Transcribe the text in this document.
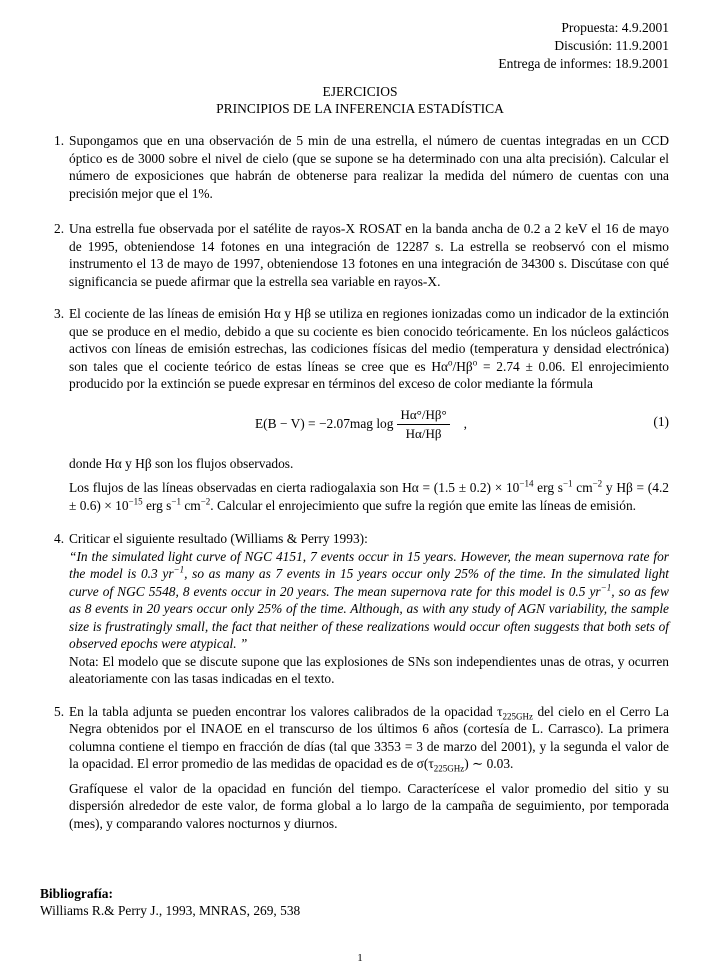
Propuesta: 4.9.2001
Discusión: 11.9.2001
Entrega de informes: 18.9.2001
EJERCICIOS
PRINCIPIOS DE LA INFERENCIA ESTADÍSTICA
1. Supongamos que en una observación de 5 min de una estrella, el número de cuentas integradas en un CCD óptico es de 3000 sobre el nivel de cielo (que se supone se ha determinado con una alta precisión). Calcular el número de exposiciones que habrán de obtenerse para realizar la medida del número de cuentas con una precisión mejor que el 1%.

2. Una estrella fue observada por el satélite de rayos-X ROSAT en la banda ancha de 0.2 a 2 keV el 16 de mayo de 1995, obteniendose 14 fotones en una integración de 12287 s. La estrella se reobservó con el mismo instrumento el 13 de mayo de 1997, obteniendose 13 fotones en una integración de 34300 s. Discútase con qué significancia se puede afirmar que la estrella sea variable en rayos-X.

3. El cociente de las líneas de emisión Hα y Hβ se utiliza en regiones ionizadas como un indicador de la extinción que se produce en el medio, debido a que su cociente es bien conocido teóricamente. En los núcleos galácticos activos con líneas de emisión estrechas, las codiciones físicas del medio (temperatura y densidad electrónica) son tales que el cociente teórico de estas líneas se cree que es $H\alpha^o/H\beta^o = 2.74 \pm 0.06$. El enrojecimiento producido por la extinción se puede expresar en términos del exceso de color mediante la fórmula

E(B − V) = −2.07mag $\log \frac{H\alpha^\circ/H\beta^\circ}{H\alpha/H\beta}$ ,	(1)

donde Hα y Hβ son los flujos observados.

Los flujos de las líneas observadas en cierta radiogalaxia son $H\alpha = (1.5 \pm 0.2) \times 10^{-14}$ erg $s^{-1}$ $cm^{-2}$ y $H\beta = (4.2 \pm 0.6) \times 10^{-15}$ erg $s^{-1}$ $cm^{-2}$. Calcular el enrojecimiento que sufre la región que emite las líneas de emisión.

4. Criticar el siguiente resultado (Williams & Perry 1993):

“In the simulated light curve of NGC 4151, 7 events occur in 15 years. However, the mean supernova rate for the model is 0.3 $yr^{-1}$, so as many as 7 events in 15 years occur only 25% of the time. In the simulated light curve of NGC 5548, 8 events occur in 20 years. The mean supernova rate for this model is 0.5 $yr^{-1}$, so as few as 8 events in 20 years occur only 25% of the time. Although, as with any study of AGN variability, the sample size is frustratingly small, the fact that neither of these realizations would occur often suggests that both sets of observed epochs were atypical. ”

Nota: El modelo que se discute supone que las explosiones de SNs son independientes unas de otras, y ocurren aleatoriamente con las tasas indicadas en el texto.

5. En la tabla adjunta se pueden encontrar los valores calibrados de la opacidad $\tau_{225GHz}$ del cielo en el Cerro La Negra obtenidos por el INAOE en el transcurso de los últimos 6 años (cortesía de L. Carrasco). La primera columna contiene el tiempo en fracción de días (tal que 3353 = 3 de marzo del 2001), y la segunda el valor de la opacidad. El error promedio de las medidas de opacidad es de $\sigma(\tau_{225GHz})$ ∼ 0.03.

Grafíquese el valor de la opacidad en función del tiempo. Caracterícese el valor promedio del sitio y su dispersión alrededor de este valor, de forma global a lo largo de la campaña de seguimiento, por temporada (mes), y comparando valores nocturnos y diurnos.

Bibliografía:
Williams R.& Perry J., 1993, MNRAS, 269, 538
1
